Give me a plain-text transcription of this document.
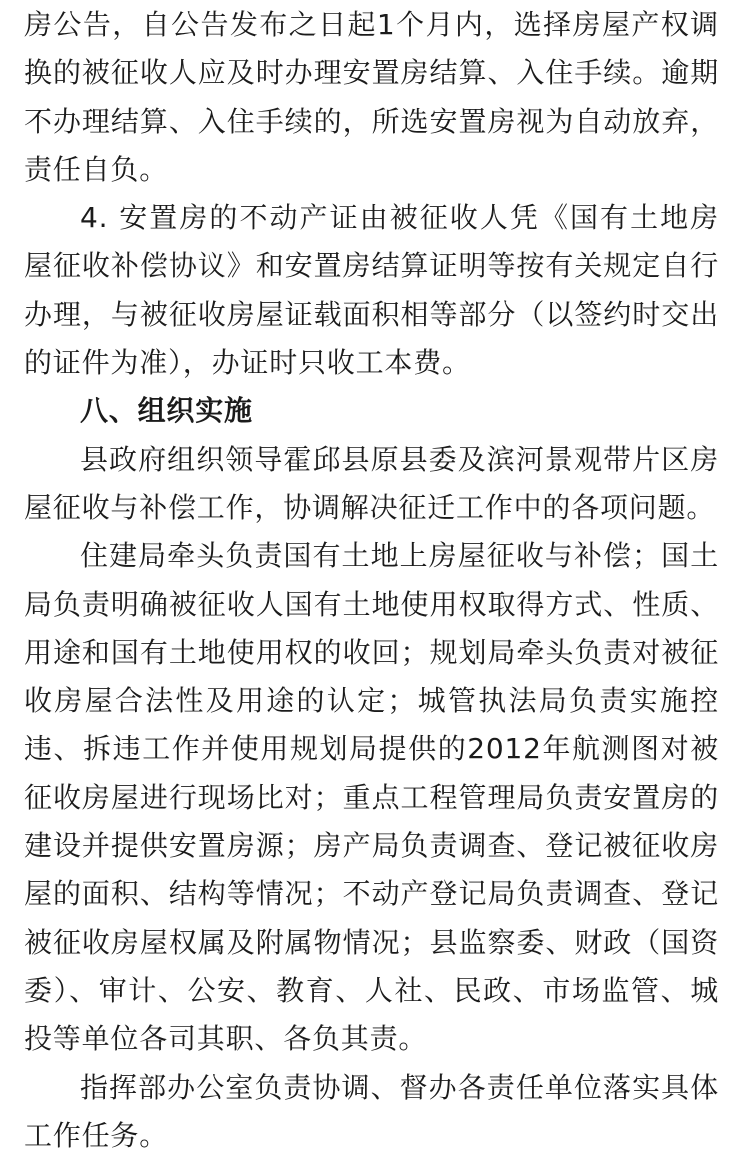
房公告，自公告发布之日起1个月内，选择房屋产权调换的被征收人应及时办理安置房结算、入住手续。逾期不办理结算、入住手续的，所选安置房视为自动放弃，责任自负。

4. 安置房的不动产证由被征收人凭《国有土地房屋征收补偿协议》和安置房结算证明等按有关规定自行办理，与被征收房屋证载面积相等部分（以签约时交出的证件为准），办证时只收工本费。

八、组织实施

县政府组织领导霍邱县原县委及滨河景观带片区房屋征收与补偿工作，协调解决征迁工作中的各项问题。

住建局牵头负责国有土地上房屋征收与补偿；国土局负责明确被征收人国有土地使用权取得方式、性质、用途和国有土地使用权的收回；规划局牵头负责对被征收房屋合法性及用途的认定；城管执法局负责实施控违、拆违工作并使用规划局提供的2012年航测图对被征收房屋进行现场比对；重点工程管理局负责安置房的建设并提供安置房源；房产局负责调查、登记被征收房屋的面积、结构等情况；不动产登记局负责调查、登记被征收房屋权属及附属物情况；县监察委、财政（国资委）、审计、公安、教育、人社、民政、市场监管、城投等单位各司其职、各负其责。

指挥部办公室负责协调、督办各责任单位落实具体工作任务。
